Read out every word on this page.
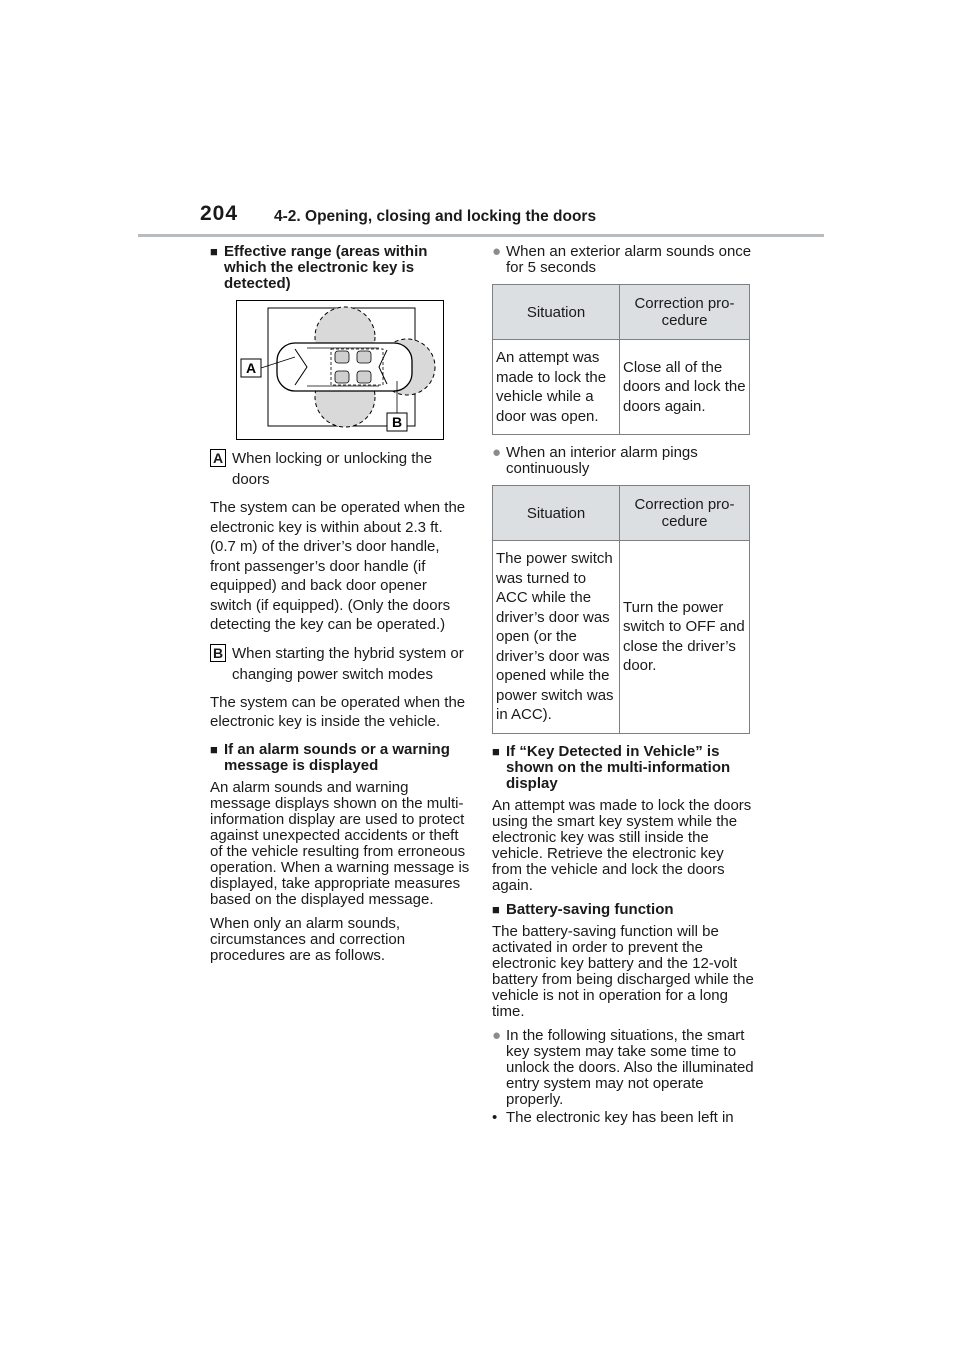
204 4-2. Opening, closing and locking the doors
■ Effective range (areas within which the electronic key is detected)
A
B
A When locking or unlocking the doors
The system can be operated when the electronic key is within about 2.3 ft. (0.7 m) of the driver’s door handle, front passenger’s door handle (if equipped) and back door opener switch (if equipped). (Only the doors detecting the key can be operated.)
B When starting the hybrid system or changing power switch modes
The system can be operated when the electronic key is inside the vehicle.
■ If an alarm sounds or a warning message is displayed
An alarm sounds and warning message displays shown on the multi-information display are used to protect against unexpected accidents or theft of the vehicle resulting from erroneous operation. When a warning message is displayed, take appropriate measures based on the displayed message.
When only an alarm sounds, circumstances and correction procedures are as follows.
● When an exterior alarm sounds once for 5 seconds
Situation	Correction pro-cedure
An attempt was made to lock the vehicle while a door was open.	Close all of the doors and lock the doors again.
● When an interior alarm pings continuously
Situation	Correction pro-cedure
The power switch was turned to ACC while the driver’s door was open (or the driver’s door was opened while the power switch was in ACC).	Turn the power switch to OFF and close the driver’s door.
■ If “Key Detected in Vehicle” is shown on the multi-information display
An attempt was made to lock the doors using the smart key system while the electronic key was still inside the vehicle. Retrieve the electronic key from the vehicle and lock the doors again.
■ Battery-saving function
The battery-saving function will be activated in order to prevent the electronic key battery and the 12-volt battery from being discharged while the vehicle is not in operation for a long time.
● In the following situations, the smart key system may take some time to unlock the doors. Also the illuminated entry system may not operate properly.
• The electronic key has been left in
